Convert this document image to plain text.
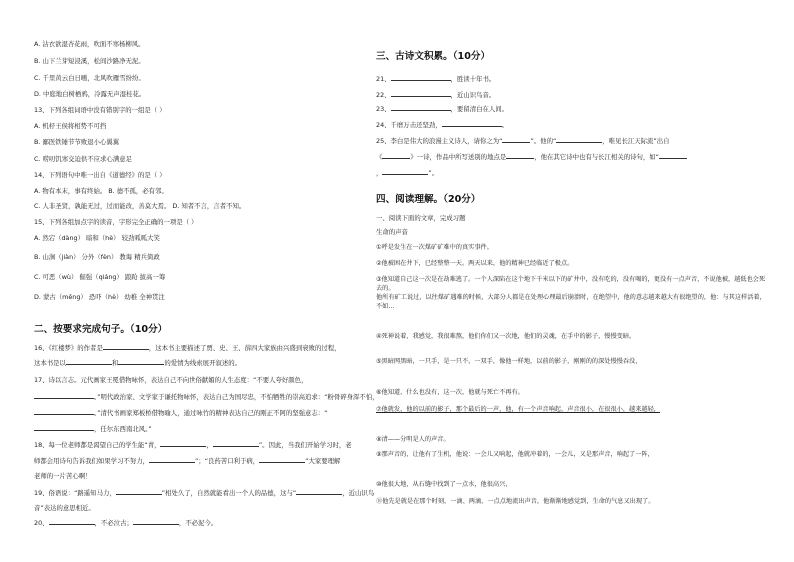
A. 沾衣欲湿杏花雨，吹面不寒杨柳风。
B. 山下兰芽短浸溪，松间沙路净无泥。
C. 千里黄云白日曛，北风吹雁雪纷纷。
D. 中庭地白树栖鸦，冷露无声湿桂花。
13、下列各组词语中没有错别字的一组是（ ）
A. 机杼王侯将相势不可挡
B. 鄙医铁锤节节败退小心翼翼
C. 唠叨饥寒交迫供不应求心满意足
14、下列语句中唯一出自《道德经》的是（ ）
A. 物有本末，事有终始。 B. 德不孤，必有邻。
C. 人非圣贤，孰能无过，过而能改，善莫大焉。 D. 知者不言，言者不知。
15、下列各组加点字的读音，字形完全正确的一项是（ ）
A. 然宕（dàng） 暗和（hè） 较劲呱呱大笑
B. 山涧（jiàn） 分外（fèn） 教诲 精兵简政
C. 可恶（wù） 倔强（qiáng） 踉跄 拔高一筹
D. 蒙古（měng） 恐吓（hè） 幼稚 全神贯注
二、按要求完成句子。（10分）
16、《红楼梦》的作者是	，这本书主要描述了贾、史、王、薛四大家族由兴盛到衰败的过程，
这本书是以	和	的爱情为线索展开叙述的。
17、诗以言志。元代画家王冕借物咏怀，表达自己不向世俗献媚的人生态度：“不要人夸好颜色，
。”明代政治家、文学家于谦托物咏怀，表达自己为国尽忠，不怕牺牲的崇高追求：“粉骨碎身浑不怕，
。”清代书画家郑板桥借物喻人，通过咏竹的精神表达自己的刚正不阿的坚强意志：“
，任尔东西南北风。”
18、每一位老师都是渴望自己的学生能“青，	，	”。因此，当我们开始学习时，老
师都会用诗句告诉我们如果学习不努力，	”；“良药苦口利于病，	”大家要理解
老师的一片苦心啊！
19、俗语说：“路遥知马力，	”相处久了，自然就能看出一个人的品德，这与“	，近山识鸟
音”表达的意思相近。
20、	，不必泣古；	，不必泥今。
三、古诗文积累。（10分）
21、	，胜读十年书。
22、	，近山识鸟音。
23、	，要留清白在人间。
24、千磨万击还坚劲，	。
25、李白是伟大的浪漫主义诗人，请你之为“	”。他的“	，唯见长江天际流”出自
《	》一诗，作品中所写送别的地点是	，他在其它诗中也有与长江相关的诗句，如“
，	”。
四、阅读理解。（20分）
一、阅读下面的文章，完成习题
生命的声音
①呼是发生在一次煤矿矿难中的真实事件。
②他被困在井下，已经整整一天。两天以来，他的精神已经临近了极点。
③他知道自己这一次是在劫难逃了。一个人深陷在这个地下千米以下的矿井中，没有吃的，没有喝的，更没有一点声音，不说他被，越低也会死去的。
他所有矿工说过，以往煤矿遇难的时候，大部分人都是在处理心理最后崩溃时，在绝望中，他的意志越来越大有很绝望的，他：与其这样活着，不如…
④死神说着，我感觉，我很难熬，他们你们又一次地，他们的灵魂，在手中的影子，慢慢变暗。
⑤黑暗网黑暗，一只手，是一只不，一双手，像他一样地，以前的影子，刚刚的的深处慢慢吞没，
⑥他知道，什么也没有，这一次，他就与死亡不再有。
⑦他就发，他的以前的影子，那个最后的一声，他，有一个声音响起，声音很小，在很很小，越来越轻，
⑧清——分明是人的声音。
⑨那声音的，让他有了生机，他说：一会儿又响起，他就冲着的，一会儿，又是那声音，响起了一阵，
⑩他很大地，从石缝中找到了一点水，他很高兴，
⑪他先是就是在那个时刻，一滴、两滴，一点点地流出声音，他渐渐地感觉到，生命的气息又出现了。
